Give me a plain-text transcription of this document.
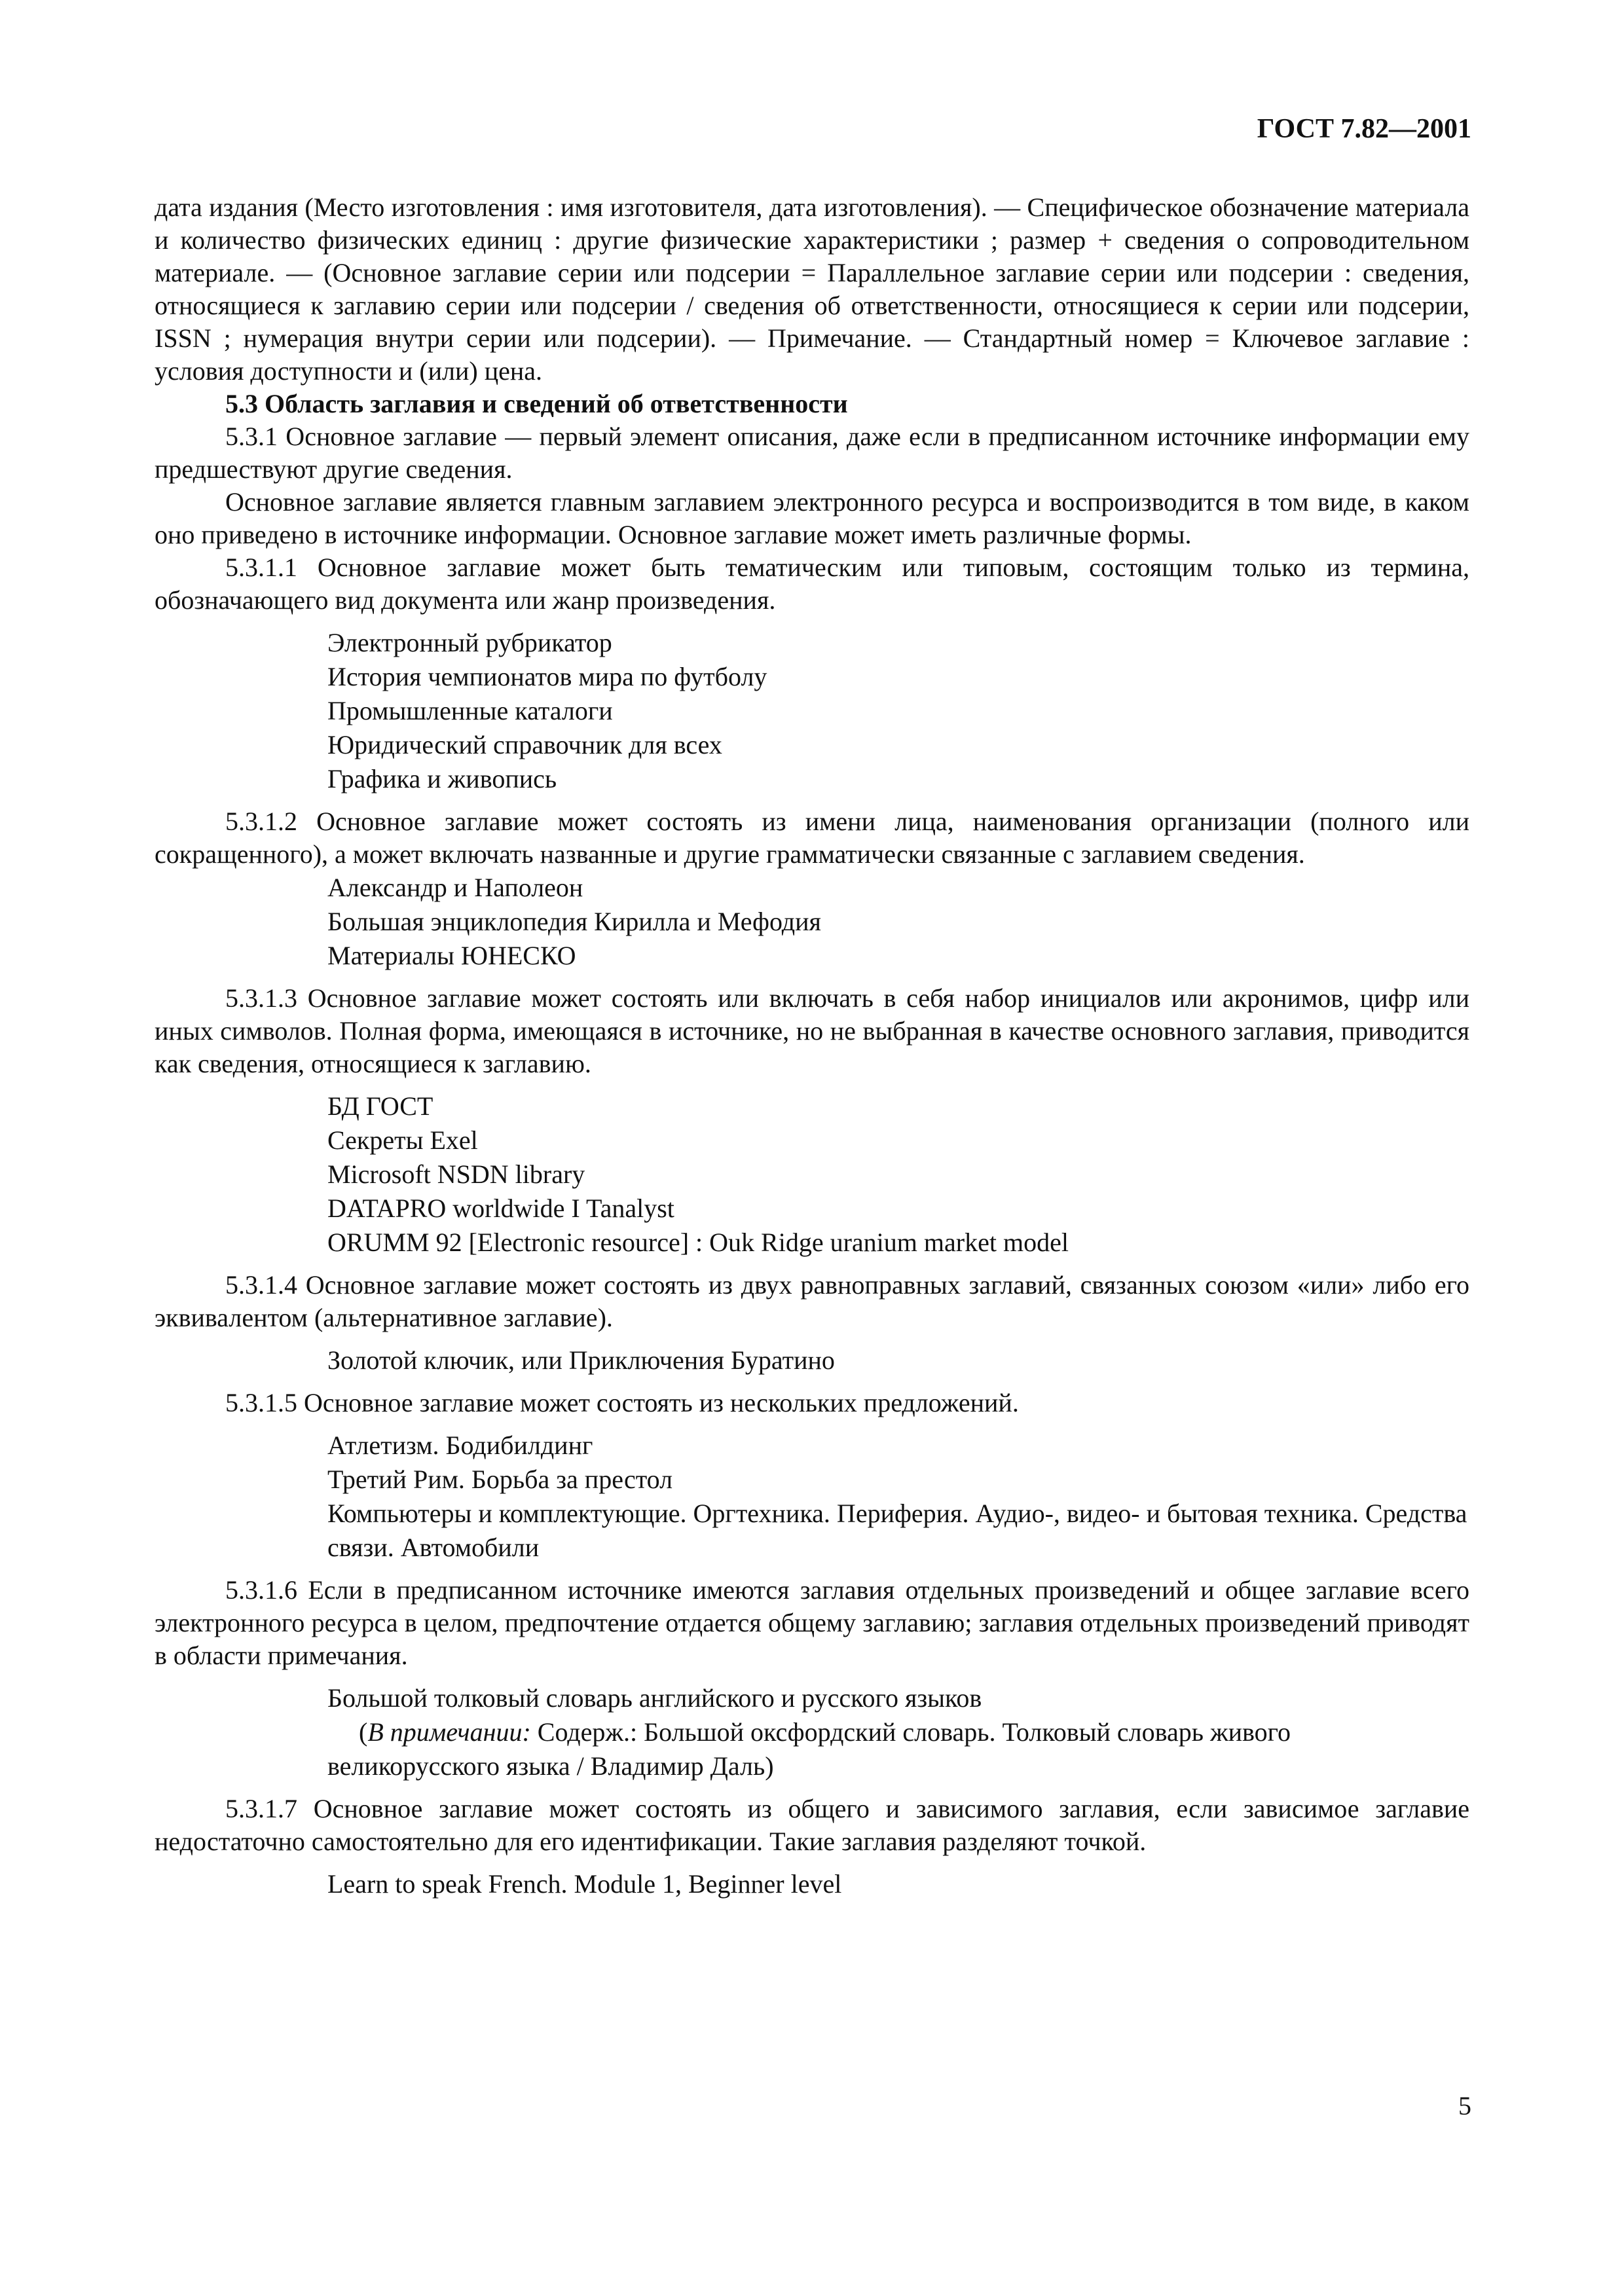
ГОСТ 7.82—2001

дата издания (Место изготовления : имя изготовителя, дата изготовления). — Специфическое обозначение материала и количество физических единиц : другие физические характеристики ; размер + сведения о сопроводительном материале. — (Основное заглавие серии или подсерии = Параллельное заглавие серии или подсерии : сведения, относящиеся к заглавию серии или подсерии / сведения об ответственности, относящиеся к серии или подсерии, ISSN ; нумерация внутри серии или подсерии). — Примечание. — Стандартный номер = Ключевое заглавие : условия доступности и (или) цена.

5.3 Область заглавия и сведений об ответственности

5.3.1 Основное заглавие — первый элемент описания, даже если в предписанном источнике информации ему предшествуют другие сведения.

Основное заглавие является главным заглавием электронного ресурса и воспроизводится в том виде, в каком оно приведено в источнике информации. Основное заглавие может иметь различные формы.

5.3.1.1 Основное заглавие может быть тематическим или типовым, состоящим только из термина, обозначающего вид документа или жанр произведения.

Электронный рубрикатор
История чемпионатов мира по футболу
Промышленные каталоги
Юридический справочник для всех
Графика и живопись

5.3.1.2 Основное заглавие может состоять из имени лица, наименования организации (полного или сокращенного), а может включать названные и другие грамматически связанные с заглавием сведения.

Александр и Наполеон
Большая энциклопедия Кирилла и Мефодия
Материалы ЮНЕСКО

5.3.1.3 Основное заглавие может состоять или включать в себя набор инициалов или акронимов, цифр или иных символов. Полная форма, имеющаяся в источнике, но не выбранная в качестве основного заглавия, приводится как сведения, относящиеся к заглавию.

БД ГОСТ
Секреты Exel
Microsoft NSDN library
DATAPRO worldwide I Tanalyst
ORUMM 92 [Electronic resource] : Ouk Ridge uranium market model

5.3.1.4 Основное заглавие может состоять из двух равноправных заглавий, связанных союзом «или» либо его эквивалентом (альтернативное заглавие).

Золотой ключик, или Приключения Буратино

5.3.1.5 Основное заглавие может состоять из нескольких предложений.

Атлетизм. Бодибилдинг
Третий Рим. Борьба за престол
Компьютеры и комплектующие. Оргтехника. Периферия. Аудио-, видео- и бытовая техника. Средства связи. Автомобили

5.3.1.6 Если в предписанном источнике имеются заглавия отдельных произведений и общее заглавие всего электронного ресурса в целом, предпочтение отдается общему заглавию; заглавия отдельных произведений приводят в области примечания.

Большой толковый словарь английского и русского языков
(В примечании: Содерж.: Большой оксфордский словарь. Толковый словарь живого великорусского языка / Владимир Даль)

5.3.1.7 Основное заглавие может состоять из общего и зависимого заглавия, если зависимое заглавие недостаточно самостоятельно для его идентификации. Такие заглавия разделяют точкой.

Learn to speak French. Module 1, Beginner level
5
